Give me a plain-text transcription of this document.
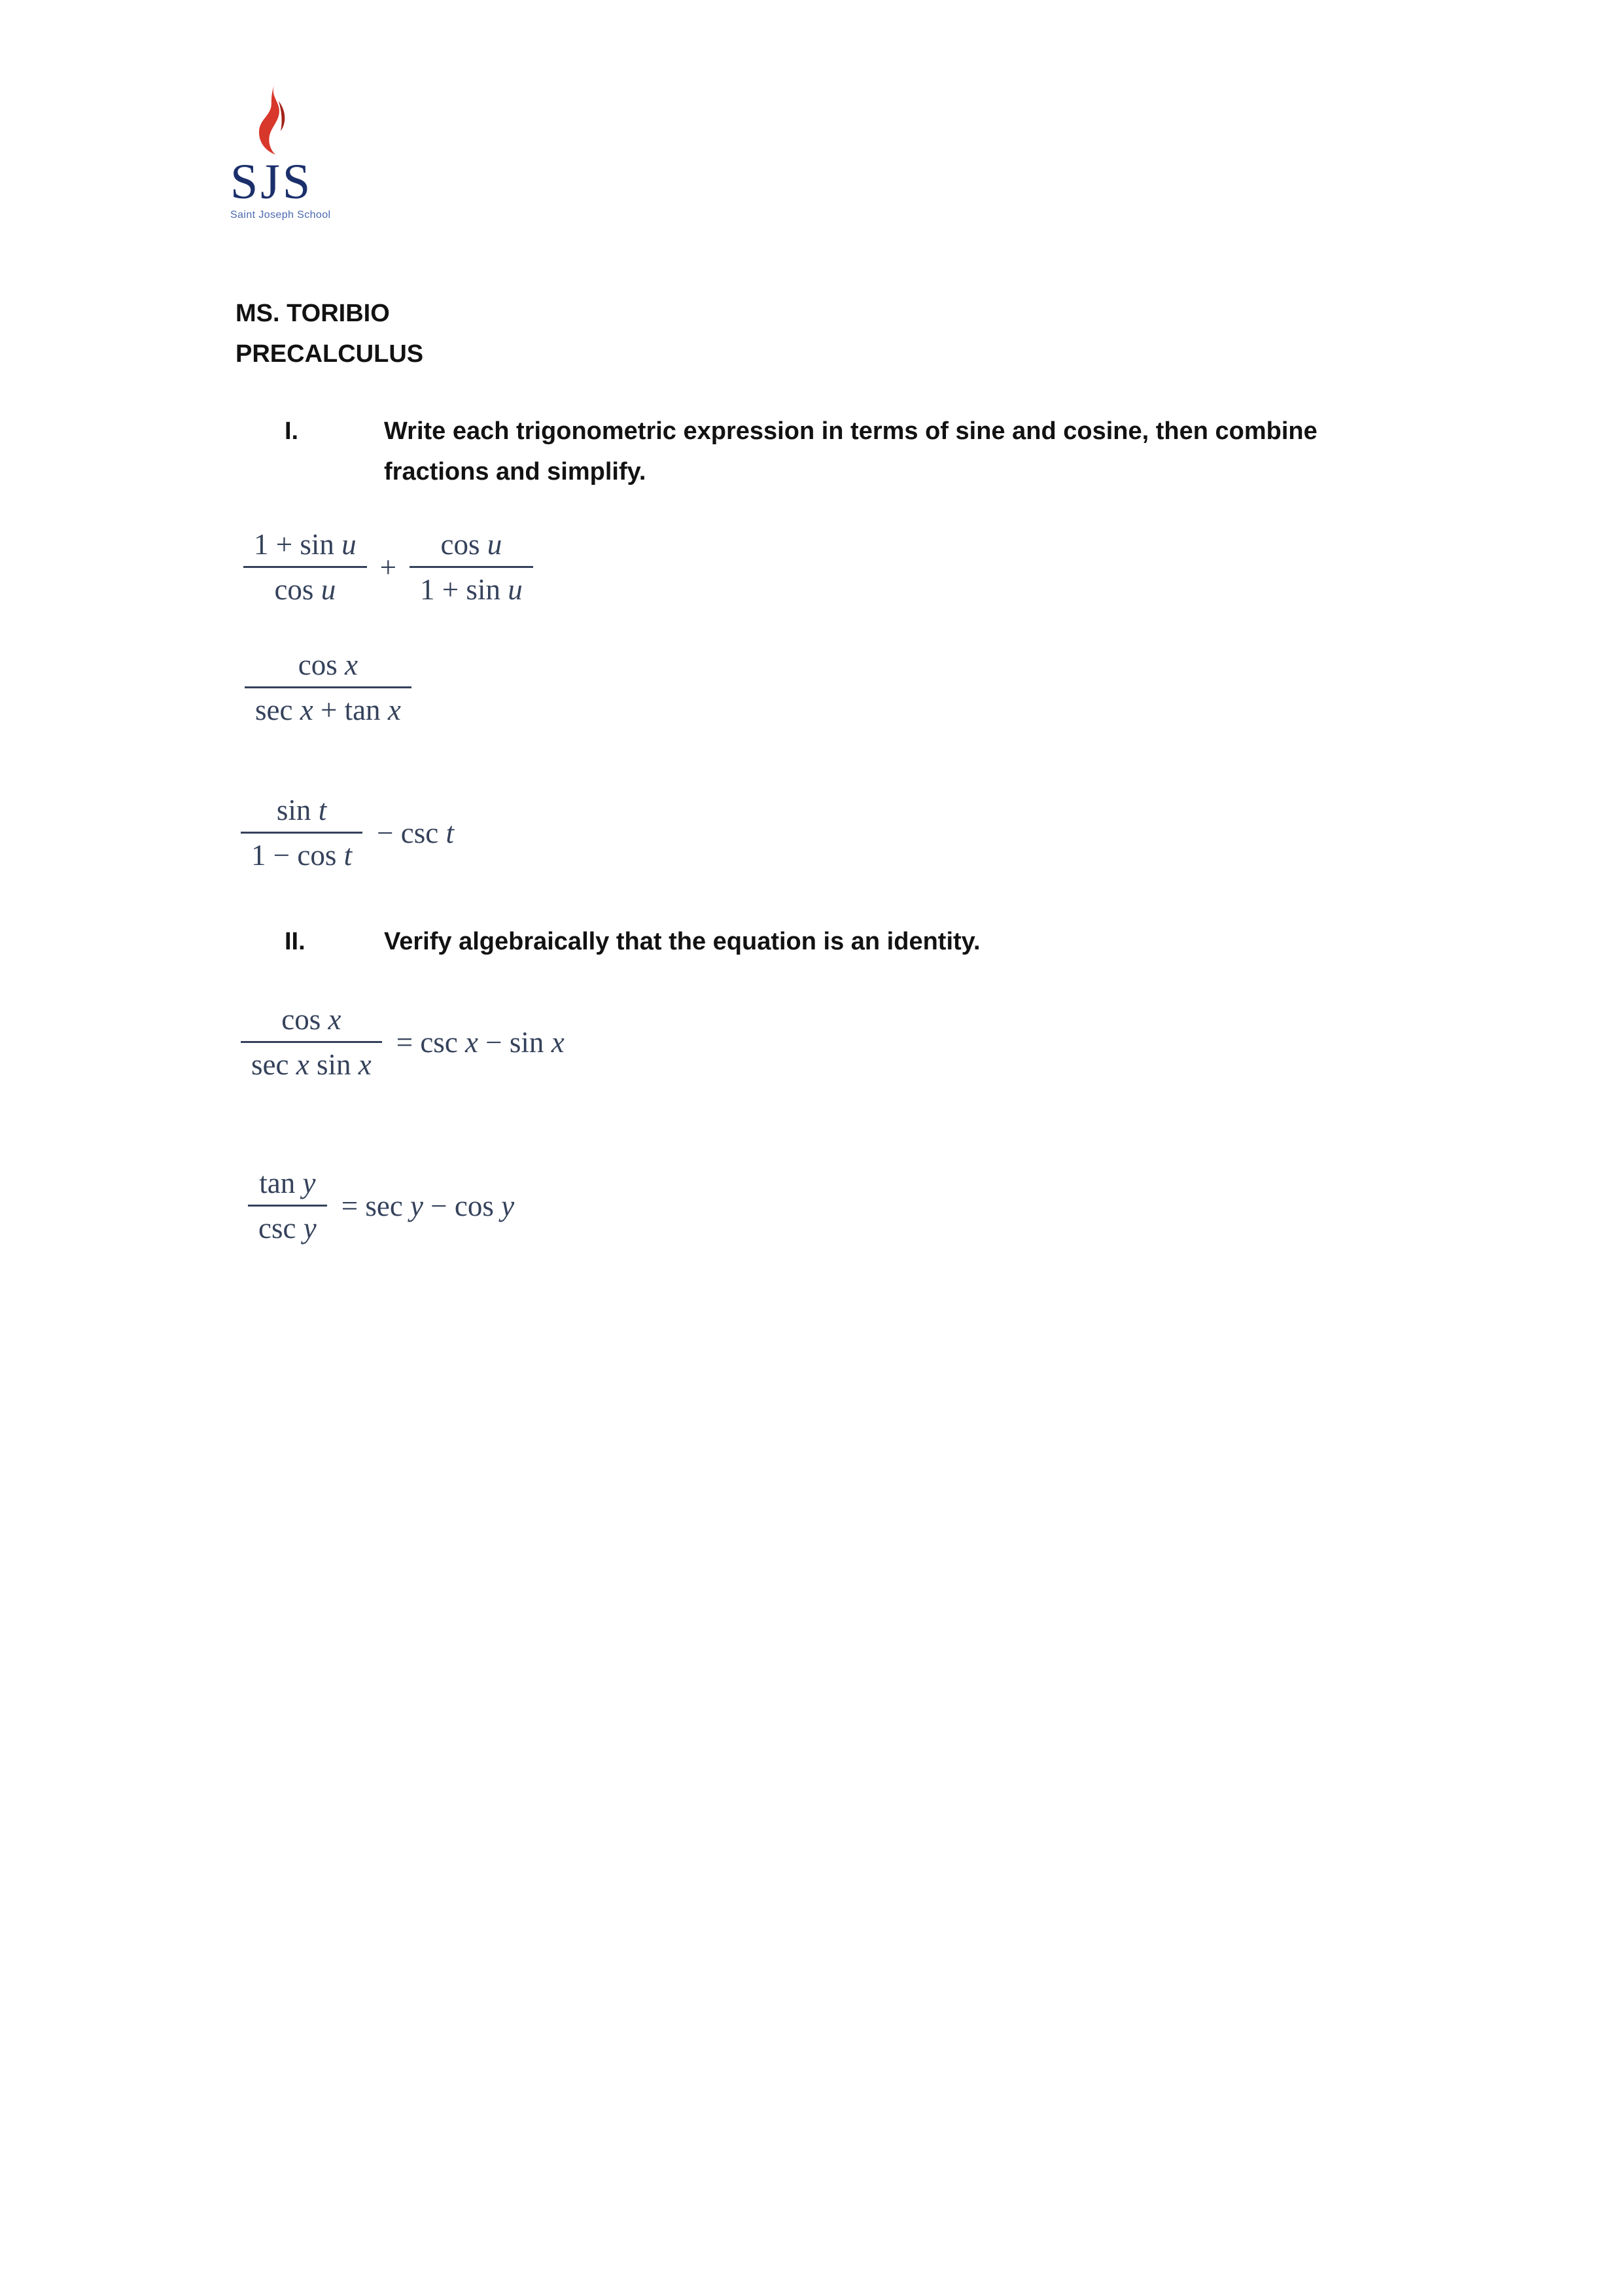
SJS
Saint Joseph School
MS. TORIBIO
PRECALCULUS
I.	Write each trigonometric expression in terms of sine and cosine, then combine
fractions and simplify.
$\frac{\text{1 + sin u}}{\text{cos u}} + \frac{\text{cos u}}{\text{1 + sin u}}$
$\frac{\text{cos x}}{\text{sec x + tan x}}$
$\frac{\text{sin t}}{\text{1 − cos t}} - \csc t$
II.	Verify algebraically that the equation is an identity.
$\frac{\text{cos x}}{\text{sec x sin x}} = \csc x - \sin x$
$\frac{\text{tan y}}{\text{csc y}} = \sec y - \cos y$
